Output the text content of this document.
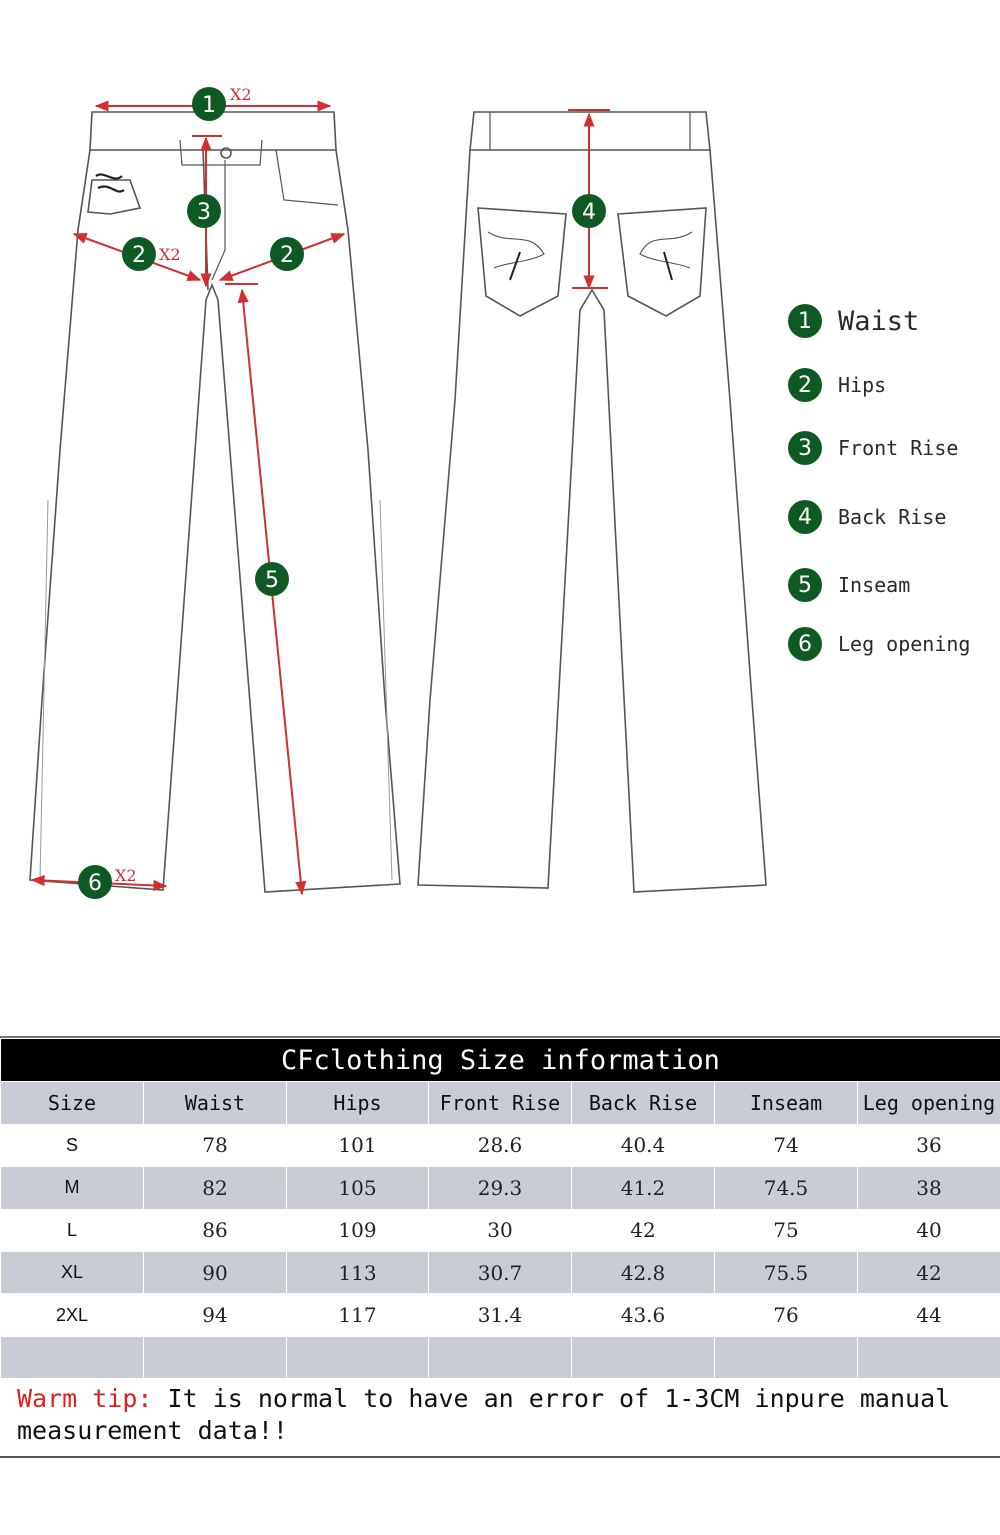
1 X2
2 X2	2
3	4
5
6 X2
1 Waist
2	Hips
3	Front Rise
4	Back Rise
5	Inseam
6	Leg opening
CFclothing Size information						
Size	Waist	Hips	Front Rise	Back Rise	Inseam	Leg opening
S	78	101	28.6	40.4	74	36
M	82	105	29.3	41.2	74.5	38
L	86	109	30	42	75	40
XL	90	113	30.7	42.8	75.5	42
2XL	94	117	31.4	43.6	76	44

Warm tip: It is normal to have an error of 1-3CM inpure manual measurement data!!						
